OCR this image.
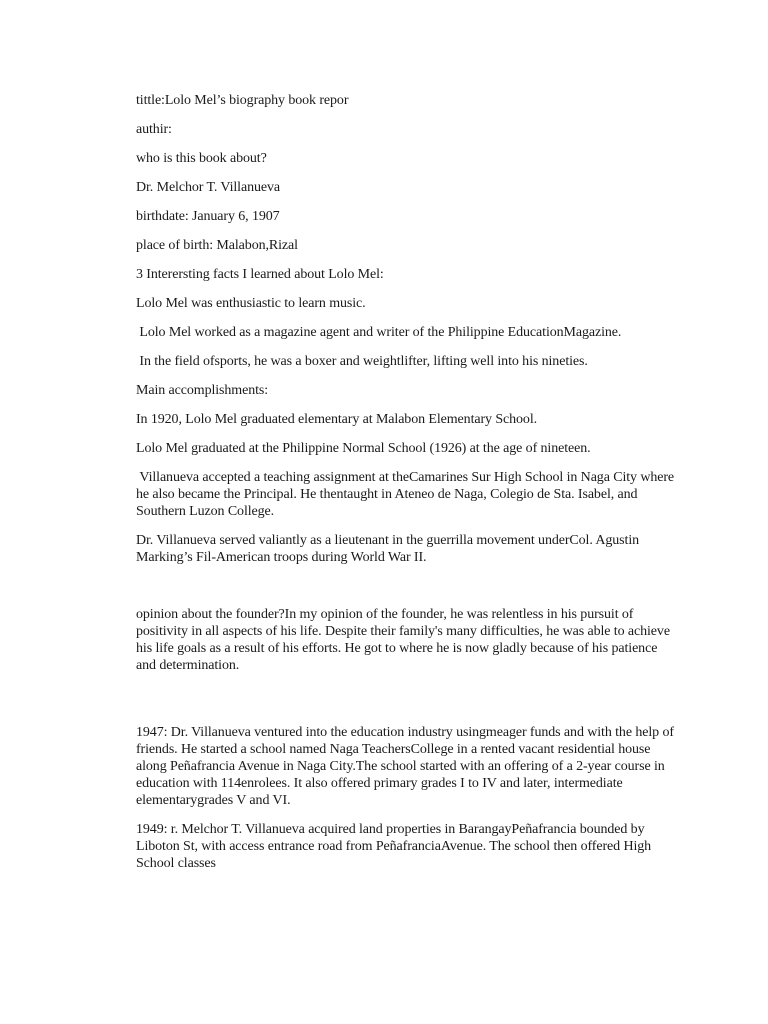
tittle:Lolo Mel’s biography book repor
authir:
who is this book about?
Dr. Melchor T. Villanueva
birthdate: January 6, 1907
place of birth: Malabon,Rizal
3 Interersting facts I learned about Lolo Mel:
Lolo Mel was enthusiastic to learn music.
Lolo Mel worked as a magazine agent and writer of the Philippine EducationMagazine.
In the field ofsports, he was a boxer and weightlifter, lifting well into his nineties.
Main accomplishments:
In 1920, Lolo Mel graduated elementary at Malabon Elementary School.
Lolo Mel graduated at the Philippine Normal School (1926) at the age of nineteen.
Villanueva accepted a teaching assignment at theCamarines Sur High School in Naga City where he also became the Principal. He thentaught in Ateneo de Naga, Colegio de Sta. Isabel, and Southern Luzon College.
Dr. Villanueva served valiantly as a lieutenant in the guerrilla movement underCol. Agustin Marking’s Fil-American troops during World War II.
opinion about the founder?In my opinion of the founder, he was relentless in his pursuit of positivity in all aspects of his life. Despite their family's many difficulties, he was able to achieve his life goals as a result of his efforts. He got to where he is now gladly because of his patience and determination.
1947: Dr. Villanueva ventured into the education industry usingmeager funds and with the help of friends. He started a school named Naga TeachersCollege in a rented vacant residential house along Peñafrancia Avenue in Naga City.The school started with an offering of a 2-year course in education with 114enrolees. It also offered primary grades I to IV and later, intermediate elementarygrades V and VI.
1949: r. Melchor T. Villanueva acquired land properties in BarangayPeñafrancia bounded by Liboton St, with access entrance road from PeñafranciaAvenue. The school then offered High School classes
